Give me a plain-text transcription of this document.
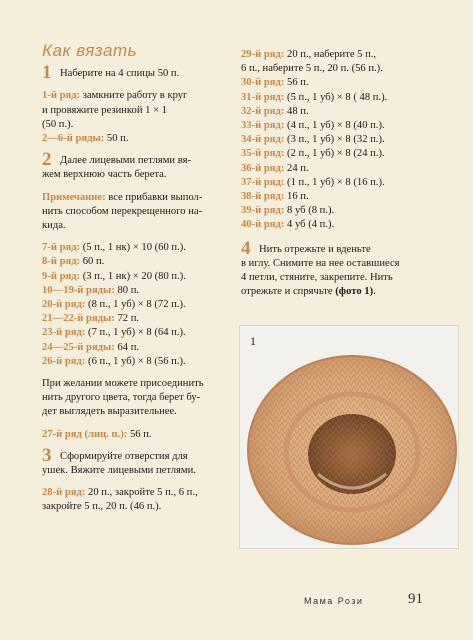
Как вязать
1 Наберите на 4 спицы 50 п.
1-й ряд: замкните работу в круг
и провяжите резинкой 1 × 1
(50 п.).
2—6-й ряды: 50 п.
2 Далее лицевыми петлями вя-
жем верхнюю часть берета.
Примечание: все прибавки выпол-
нить способом перекрещенного на-
кида.
7-й ряд: (5 п., 1 нк) × 10 (60 п.).
8-й ряд: 60 п.
9-й ряд: (3 п., 1 нк) × 20 (80 п.).
10—19-й ряды: 80 п.
20-й ряд: (8 п., 1 уб) × 8 (72 п.).
21—22-й ряды: 72 п.
23-й ряд: (7 п., 1 уб) × 8 (64 п.).
24—25-й ряды: 64 п.
26-й ряд: (6 п., 1 уб) × 8 (56 п.).
При желании можете присоединить
нить другого цвета, тогда берет бу-
дет выглядеть выразительнее.
27-й ряд (лиц. п.): 56 п.
3 Сформируйте отверстия для
ушек. Вяжите лицевыми петлями.
28-й ряд: 20 п., закройте 5 п., 6 п.,
закройте 5 п., 20 п. (46 п.).
29-й ряд: 20 п., наберите 5 п.,
6 п., наберите 5 п., 20 п. (56 п.).
30-й ряд: 56 п.
31-й ряд: (5 п., 1 уб) × 8 ( 48 п.).
32-й ряд: 48 п.
33-й ряд: (4 п., 1 уб) × 8 (40 п.).
34-й ряд: (3 п., 1 уб) × 8 (32 п.).
35-й ряд: (2 п., 1 уб) × 8 (24 п.).
36-й ряд: 24 п.
37-й ряд: (1 п., 1 уб) × 8 (16 п.).
38-й ряд: 16 п.
39-й ряд: 8 уб (8 п.).
40-й ряд: 4 уб (4 п.).
4 Нить отрежьте и вденьте
в иглу. Снимите на нее оставшиеся
4 петли, стяните, закрепите. Нить
отрежьте и спрячьте (фото 1).
1
Мама Рози	91
